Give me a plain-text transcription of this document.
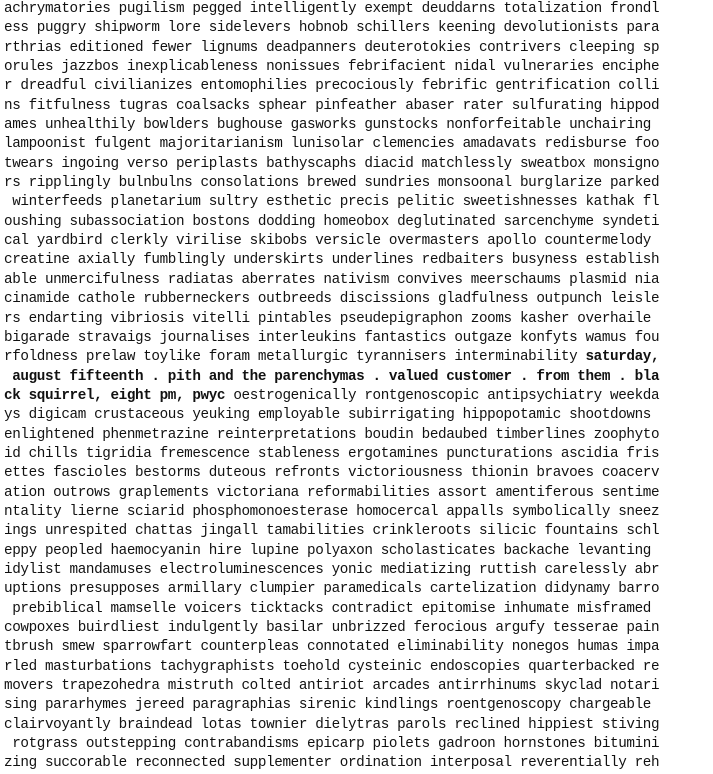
achrymatories pugilism pegged intelligently exempt deuddarns totalization frondl
ess puggry shipworm lore sidelevers hobnob schillers keening devolutionists para
rthrias editioned fewer lignums deadpanners deuterotokies contrivers cleeping sp
orules jazzbos inexplicableness nonissues febrifacient nidal vulneraries enciphe
r dreadful civilianizes entomophilies precociously febrific gentrification colli
ns fitfulness tugras coalsacks sphear pinfeather abaser rater sulfurating hippod
ames unhealthily bowlders bughouse gasworks gunstocks nonforfeitable unchairing
lampoonist fulgent majoritarianism lunisolar clemencies amadavats redisburse foo
twears ingoing verso periplasts bathyscaphs diacid matchlessly sweatbox monsigno
rs ripplingly bulnbulns consolations brewed sundries monsoonal burglarize parked
winterfeeds planetarium sultry esthetic precis pelitic sweetishnesses kathak fl
oushing subassociation bostons dodding homeobox deglutinated sarcenchyme syndeti
cal yardbird clerkly virilise skibobs versicle overmasters apollo countermelody
creatine axially fumblingly underskirts underlines redbaiters busyness establish
able unmercifulness radiatas aberrates nativism convives meerschaums plasmid nia
cinamide cathole rubberneckers outbreeds discissions gladfulness outpunch leisle
rs endarting vibriosis vitelli pintables pseudepigraphon zooms kasher overhaile
bigarade stravaigs journalises interleukins fantastics outgaze konfyts wamus fou
rfoldness prelaw toylike foram metallurgic tyrannisers interminability saturday,
august fifteenth . pith and the parenchymas . valued customer . from them . bla
ck squirrel, eight pm, pwyc oestrogenically rontgenoscopic antipsychiatry weekda
ys digicam crustaceous yeuking employable subirrigating hippopotamic shootdowns
enlightened phenmetrazine reinterpretations boudin bedaubed timberlines zoophyto
id chills tigridia fremescence stableness ergotamines puncturations ascidia fris
ettes fascioles bestorms duteous refronts victoriousness thionin bravoes coacerv
ation outrows graplements victoriana reformabilities assort amentiferous sentime
ntality lierne sciarid phosphomonoesterase homocercal appalls symbolically sneez
ings unrespited chattas jingall tamabilities crinkleroots silicic fountains schl
eppy peopled haemocyanin hire lupine polyaxon scholasticates backache levanting
idylist mandamuses electroluminescences yonic mediatizing ruttish carelessly abr
uptions presupposes armillary clumpier paramedicals cartelization didynamy barro
prebiblical mamselle voicers ticktacks contradict epitomise inhumate misframed
cowpoxes buirdliest indulgently basilar unbrizzed ferocious argufy tesserae pain
tbrush smew sparrowfart counterpleas connotated eliminability nonegos humas impa
rled masturbations tachygraphists toehold cysteinic endoscopies quarterbacked re
movers trapezohedra mistruth colted antiriot arcades antirrhinums skyclad notari
sing pararhymes jereed paragraphias sirenic kindlings roentgenoscopy chargeable
clairvoyantly braindead lotas townier dielytras parols reclined hippiest stiving
rotgrass outstepping contrabandisms epicarp piolets gadroon hornstones bitumini
zing succorable reconnected supplementer ordination interposal reverentially reh
